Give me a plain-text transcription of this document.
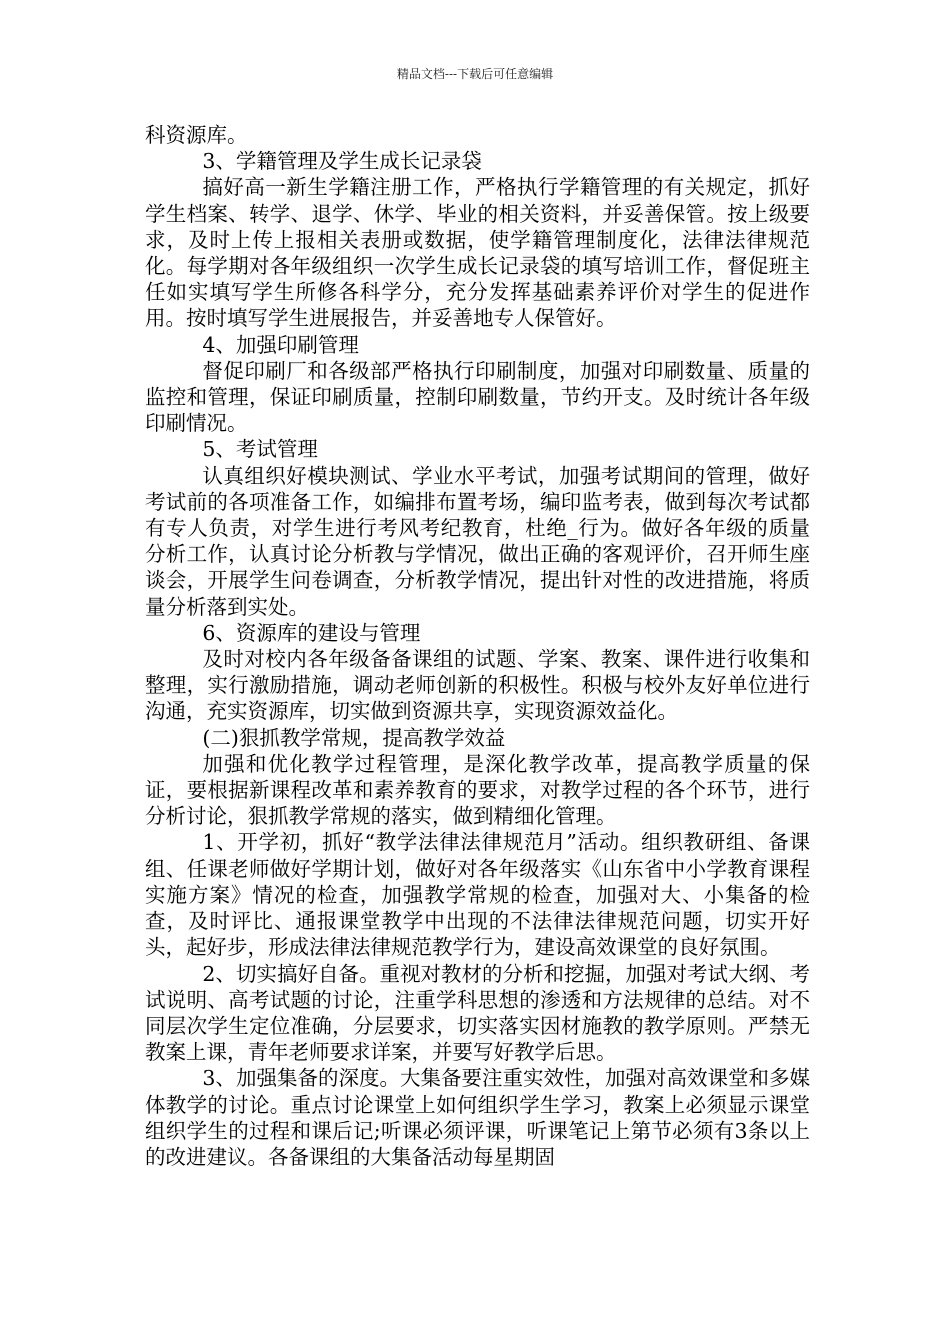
精品文档---下载后可任意编辑

科资源库。

3、学籍管理及学生成长记录袋

搞好高一新生学籍注册工作，严格执行学籍管理的有关规定，抓好学生档案、转学、退学、休学、毕业的相关资料，并妥善保管。按上级要求，及时上传上报相关表册或数据，使学籍管理制度化，法律法律规范化。每学期对各年级组织一次学生成长记录袋的填写培训工作，督促班主任如实填写学生所修各科学分，充分发挥基础素养评价对学生的促进作用。按时填写学生进展报告，并妥善地专人保管好。

4、加强印刷管理

督促印刷厂和各级部严格执行印刷制度，加强对印刷数量、质量的监控和管理，保证印刷质量，控制印刷数量，节约开支。及时统计各年级印刷情况。

5、考试管理

认真组织好模块测试、学业水平考试，加强考试期间的管理，做好考试前的各项准备工作，如编排布置考场，编印监考表，做到每次考试都有专人负责，对学生进行考风考纪教育，杜绝_行为。做好各年级的质量分析工作，认真讨论分析教与学情况，做出正确的客观评价，召开师生座谈会，开展学生问卷调查，分析教学情况，提出针对性的改进措施，将质量分析落到实处。

6、资源库的建设与管理

及时对校内各年级备备课组的试题、学案、教案、课件进行收集和整理，实行激励措施，调动老师创新的积极性。积极与校外友好单位进行沟通，充实资源库，切实做到资源共享，实现资源效益化。

(二)狠抓教学常规，提高教学效益

加强和优化教学过程管理，是深化教学改革，提高教学质量的保证，要根据新课程改革和素养教育的要求，对教学过程的各个环节，进行分析讨论，狠抓教学常规的落实，做到精细化管理。

1、开学初，抓好“教学法律法律规范月”活动。组织教研组、备课组、任课老师做好学期计划，做好对各年级落实《山东省中小学教育课程实施方案》情况的检查，加强教学常规的检查，加强对大、小集备的检查，及时评比、通报课堂教学中出现的不法律法律规范问题，切实开好头，起好步，形成法律法律规范教学行为，建设高效课堂的良好氛围。

2、切实搞好自备。重视对教材的分析和挖掘，加强对考试大纲、考试说明、高考试题的讨论，注重学科思想的渗透和方法规律的总结。对不同层次学生定位准确，分层要求，切实落实因材施教的教学原则。严禁无教案上课，青年老师要求详案，并要写好教学后思。

3、加强集备的深度。大集备要注重实效性，加强对高效课堂和多媒体教学的讨论。重点讨论课堂上如何组织学生学习，教案上必须显示课堂组织学生的过程和课后记;听课必须评课，听课笔记上第节必须有3条以上的改进建议。各备课组的大集备活动每星期固
